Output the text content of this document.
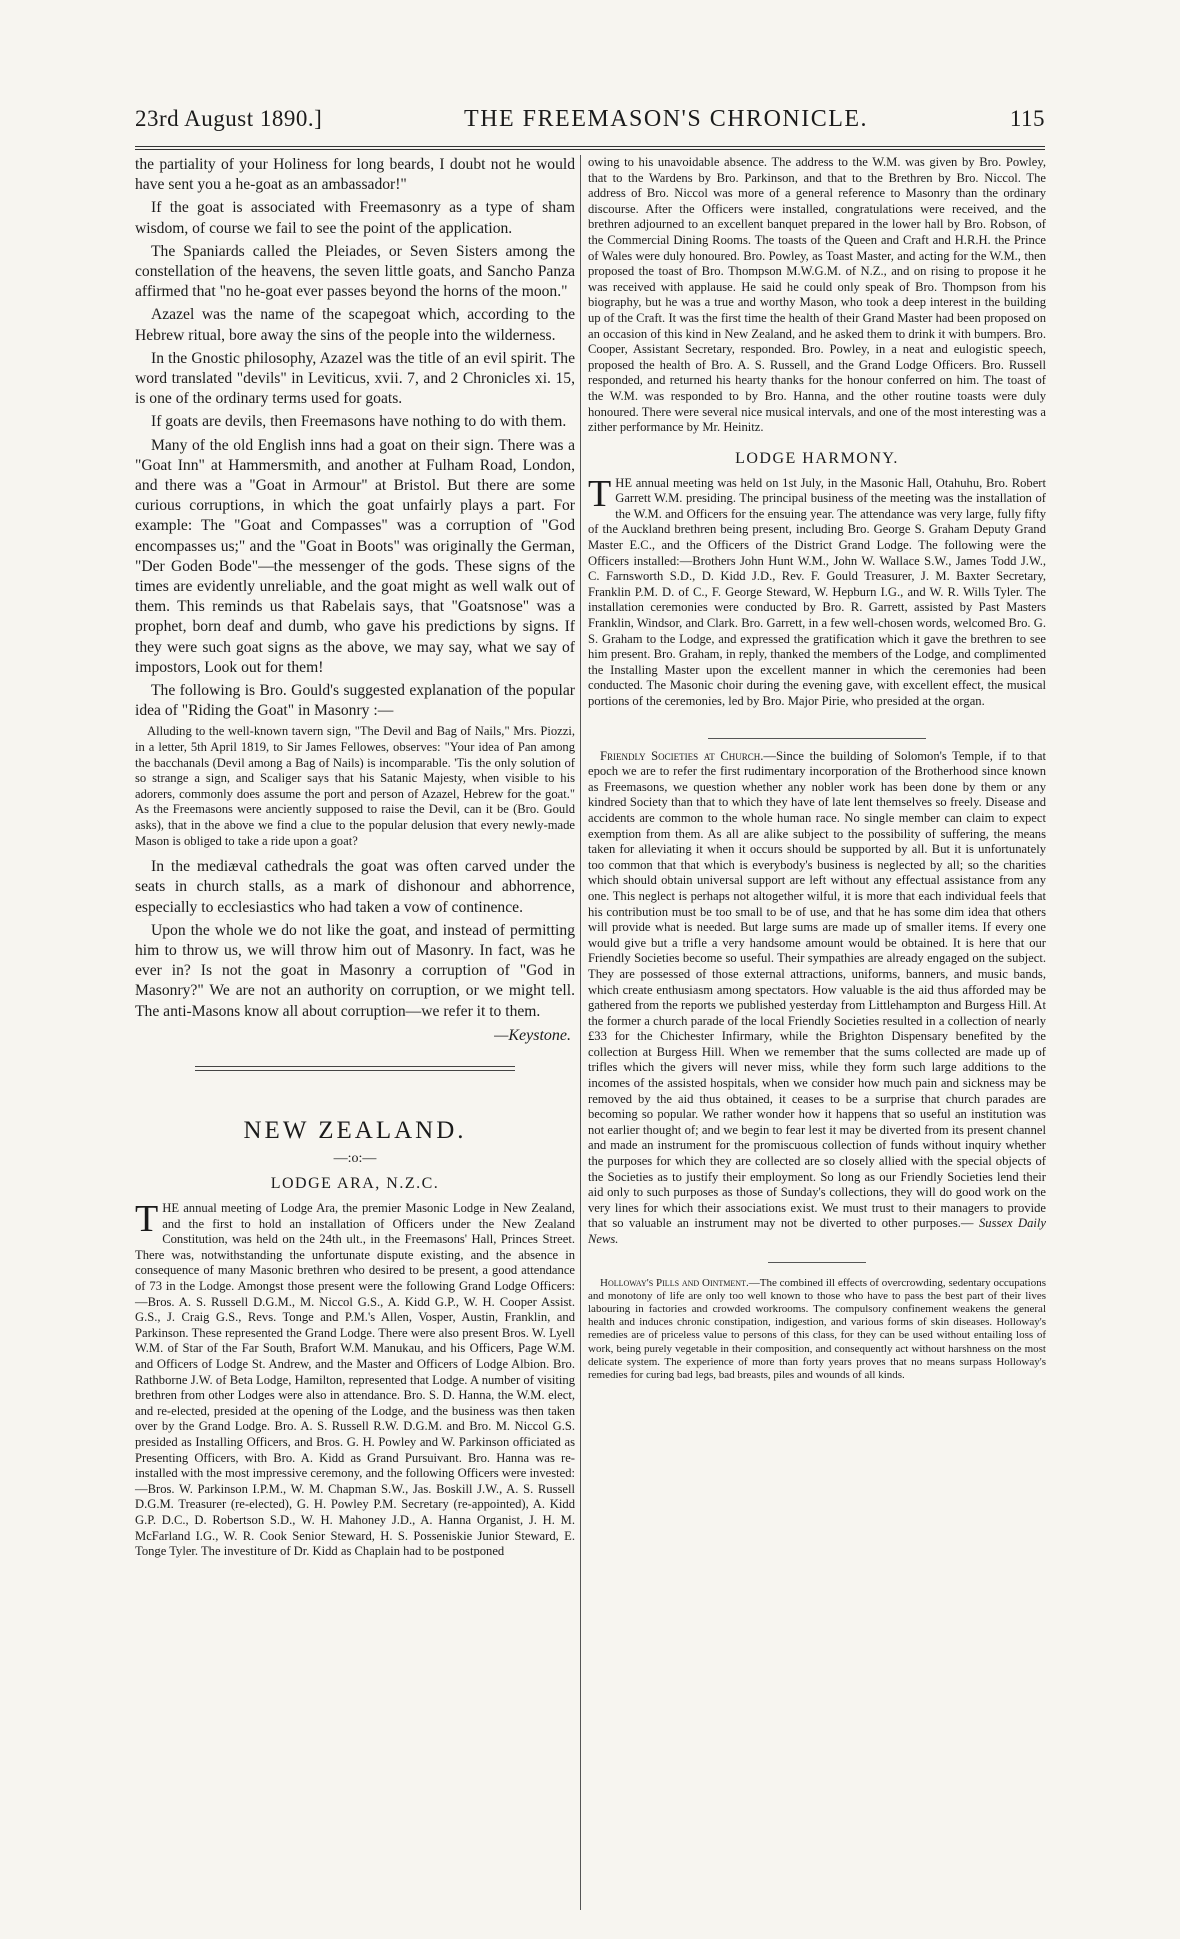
23rd August 1890.]	THE FREEMASON'S CHRONICLE.	115

the partiality of your Holiness for long beards, I doubt not he would have sent you a he-goat as an ambassador!"

If the goat is associated with Freemasonry as a type of sham wisdom, of course we fail to see the point of the application.

The Spaniards called the Pleiades, or Seven Sisters among the constellation of the heavens, the seven little goats, and Sancho Panza affirmed that "no he-goat ever passes beyond the horns of the moon."

Azazel was the name of the scapegoat which, according to the Hebrew ritual, bore away the sins of the people into the wilderness.

In the Gnostic philosophy, Azazel was the title of an evil spirit. The word translated "devils" in Leviticus, xvii. 7, and 2 Chronicles xi. 15, is one of the ordinary terms used for goats.

If goats are devils, then Freemasons have nothing to do with them.

Many of the old English inns had a goat on their sign. There was a "Goat Inn" at Hammersmith, and another at Fulham Road, London, and there was a "Goat in Armour" at Bristol. But there are some curious corruptions, in which the goat unfairly plays a part. For example: The "Goat and Compasses" was a corruption of "God encompasses us;" and the "Goat in Boots" was originally the German, "Der Goden Bode"—the messenger of the gods. These signs of the times are evidently unreliable, and the goat might as well walk out of them. This reminds us that Rabelais says, that "Goatsnose" was a prophet, born deaf and dumb, who gave his predictions by signs. If they were such goat signs as the above, we may say, what we say of impostors, Look out for them!

The following is Bro. Gould's suggested explanation of the popular idea of "Riding the Goat" in Masonry :—

Alluding to the well-known tavern sign, "The Devil and Bag of Nails," Mrs. Piozzi, in a letter, 5th April 1819, to Sir James Fellowes, observes: "Your idea of Pan among the bacchanals (Devil among a Bag of Nails) is incomparable. 'Tis the only solution of so strange a sign, and Scaliger says that his Satanic Majesty, when visible to his adorers, commonly does assume the port and person of Azazel, Hebrew for the goat." As the Freemasons were anciently supposed to raise the Devil, can it be (Bro. Gould asks), that in the above we find a clue to the popular delusion that every newly-made Mason is obliged to take a ride upon a goat?

In the mediæval cathedrals the goat was often carved under the seats in church stalls, as a mark of dishonour and abhorrence, especially to ecclesiastics who had taken a vow of continence.

Upon the whole we do not like the goat, and instead of permitting him to throw us, we will throw him out of Masonry. In fact, was he ever in? Is not the goat in Masonry a corruption of "God in Masonry?" We are not an authority on corruption, or we might tell. The anti-Masons know all about corruption—we refer it to them.

—Keystone.
NEW ZEALAND.
—:o:—
LODGE ARA, N.Z.C.

THE annual meeting of Lodge Ara, the premier Masonic Lodge in New Zealand, and the first to hold an installation of Officers under the New Zealand Constitution, was held on the 24th ult., in the Freemasons' Hall, Princes Street. There was, notwithstanding the unfortunate dispute existing, and the absence in consequence of many Masonic brethren who desired to be present, a good attendance of 73 in the Lodge. Amongst those present were the following Grand Lodge Officers:—Bros. A. S. Russell D.G.M., M. Niccol G.S., A. Kidd G.P., W. H. Cooper Assist. G.S., J. Craig G.S., Revs. Tonge and P.M.'s Allen, Vosper, Austin, Franklin, and Parkinson. These represented the Grand Lodge. There were also present Bros. W. Lyell W.M. of Star of the Far South, Brafort W.M. Manukau, and his Officers, Page W.M. and Officers of Lodge St. Andrew, and the Master and Officers of Lodge Albion. Bro. Rathborne J.W. of Beta Lodge, Hamilton, represented that Lodge. A number of visiting brethren from other Lodges were also in attendance. Bro. S. D. Hanna, the W.M. elect, and re-elected, presided at the opening of the Lodge, and the business was then taken over by the Grand Lodge. Bro. A. S. Russell R.W. D.G.M. and Bro. M. Niccol G.S. presided as Installing Officers, and Bros. G. H. Powley and W. Parkinson officiated as Presenting Officers, with Bro. A. Kidd as Grand Pursuivant. Bro. Hanna was re-installed with the most impressive ceremony, and the following Officers were invested:—Bros. W. Parkinson I.P.M., W. M. Chapman S.W., Jas. Boskill J.W., A. S. Russell D.G.M. Treasurer (re-elected), G. H. Powley P.M. Secretary (re-appointed), A. Kidd G.P. D.C., D. Robertson S.D., W. H. Mahoney J.D., A. Hanna Organist, J. H. M. McFarland I.G., W. R. Cook Senior Steward, H. S. Posseniskie Junior Steward, E. Tonge Tyler. The investiture of Dr. Kidd as Chaplain had to be postponed

owing to his unavoidable absence. The address to the W.M. was given by Bro. Powley, that to the Wardens by Bro. Parkinson, and that to the Brethren by Bro. Niccol. The address of Bro. Niccol was more of a general reference to Masonry than the ordinary discourse. After the Officers were installed, congratulations were received, and the brethren adjourned to an excellent banquet prepared in the lower hall by Bro. Robson, of the Commercial Dining Rooms. The toasts of the Queen and Craft and H.R.H. the Prince of Wales were duly honoured. Bro. Powley, as Toast Master, and acting for the W.M., then proposed the toast of Bro. Thompson M.W.G.M. of N.Z., and on rising to propose it he was received with applause. He said he could only speak of Bro. Thompson from his biography, but he was a true and worthy Mason, who took a deep interest in the building up of the Craft. It was the first time the health of their Grand Master had been proposed on an occasion of this kind in New Zealand, and he asked them to drink it with bumpers. Bro. Cooper, Assistant Secretary, responded. Bro. Powley, in a neat and eulogistic speech, proposed the health of Bro. A. S. Russell, and the Grand Lodge Officers. Bro. Russell responded, and returned his hearty thanks for the honour conferred on him. The toast of the W.M. was responded to by Bro. Hanna, and the other routine toasts were duly honoured. There were several nice musical intervals, and one of the most interesting was a zither performance by Mr. Heinitz.

LODGE HARMONY.

THE annual meeting was held on 1st July, in the Masonic Hall, Otahuhu, Bro. Robert Garrett W.M. presiding. The principal business of the meeting was the installation of the W.M. and Officers for the ensuing year. The attendance was very large, fully fifty of the Auckland brethren being present, including Bro. George S. Graham Deputy Grand Master E.C., and the Officers of the District Grand Lodge. The following were the Officers installed:—Brothers John Hunt W.M., John W. Wallace S.W., James Todd J.W., C. Farnsworth S.D., D. Kidd J.D., Rev. F. Gould Treasurer, J. M. Baxter Secretary, Franklin P.M. D. of C., F. George Steward, W. Hepburn I.G., and W. R. Wills Tyler. The installation ceremonies were conducted by Bro. R. Garrett, assisted by Past Masters Franklin, Windsor, and Clark. Bro. Garrett, in a few well-chosen words, welcomed Bro. G. S. Graham to the Lodge, and expressed the gratification which it gave the brethren to see him present. Bro. Graham, in reply, thanked the members of the Lodge, and complimented the Installing Master upon the excellent manner in which the ceremonies had been conducted. The Masonic choir during the evening gave, with excellent effect, the musical portions of the ceremonies, led by Bro. Major Pirie, who presided at the organ.

Friendly Societies at Church.—Since the building of Solomon's Temple, if to that epoch we are to refer the first rudimentary incorporation of the Brotherhood since known as Freemasons, we question whether any nobler work has been done by them or any kindred Society than that to which they have of late lent themselves so freely. Disease and accidents are common to the whole human race. No single member can claim to expect exemption from them. As all are alike subject to the possibility of suffering, the means taken for alleviating it when it occurs should be supported by all. But it is unfortunately too common that that which is everybody's business is neglected by all; so the charities which should obtain universal support are left without any effectual assistance from any one. This neglect is perhaps not altogether wilful, it is more that each individual feels that his contribution must be too small to be of use, and that he has some dim idea that others will provide what is needed. But large sums are made up of smaller items. If every one would give but a trifle a very handsome amount would be obtained. It is here that our Friendly Societies become so useful. Their sympathies are already engaged on the subject. They are possessed of those external attractions, uniforms, banners, and music bands, which create enthusiasm among spectators. How valuable is the aid thus afforded may be gathered from the reports we published yesterday from Littlehampton and Burgess Hill. At the former a church parade of the local Friendly Societies resulted in a collection of nearly £33 for the Chichester Infirmary, while the Brighton Dispensary benefited by the collection at Burgess Hill. When we remember that the sums collected are made up of trifles which the givers will never miss, while they form such large additions to the incomes of the assisted hospitals, when we consider how much pain and sickness may be removed by the aid thus obtained, it ceases to be a surprise that church parades are becoming so popular. We rather wonder how it happens that so useful an institution was not earlier thought of; and we begin to fear lest it may be diverted from its present channel and made an instrument for the promiscuous collection of funds without inquiry whether the purposes for which they are collected are so closely allied with the special objects of the Societies as to justify their employment. So long as our Friendly Societies lend their aid only to such purposes as those of Sunday's collections, they will do good work on the very lines for which their associations exist. We must trust to their managers to provide that so valuable an instrument may not be diverted to other purposes.— Sussex Daily News.

Holloway's Pills and Ointment.—The combined ill effects of overcrowding, sedentary occupations and monotony of life are only too well known to those who have to pass the best part of their lives labouring in factories and crowded workrooms. The compulsory confinement weakens the general health and induces chronic constipation, indigestion, and various forms of skin diseases. Holloway's remedies are of priceless value to persons of this class, for they can be used without entailing loss of work, being purely vegetable in their composition, and consequently act without harshness on the most delicate system. The experience of more than forty years proves that no means surpass Holloway's remedies for curing bad legs, bad breasts, piles and wounds of all kinds.
